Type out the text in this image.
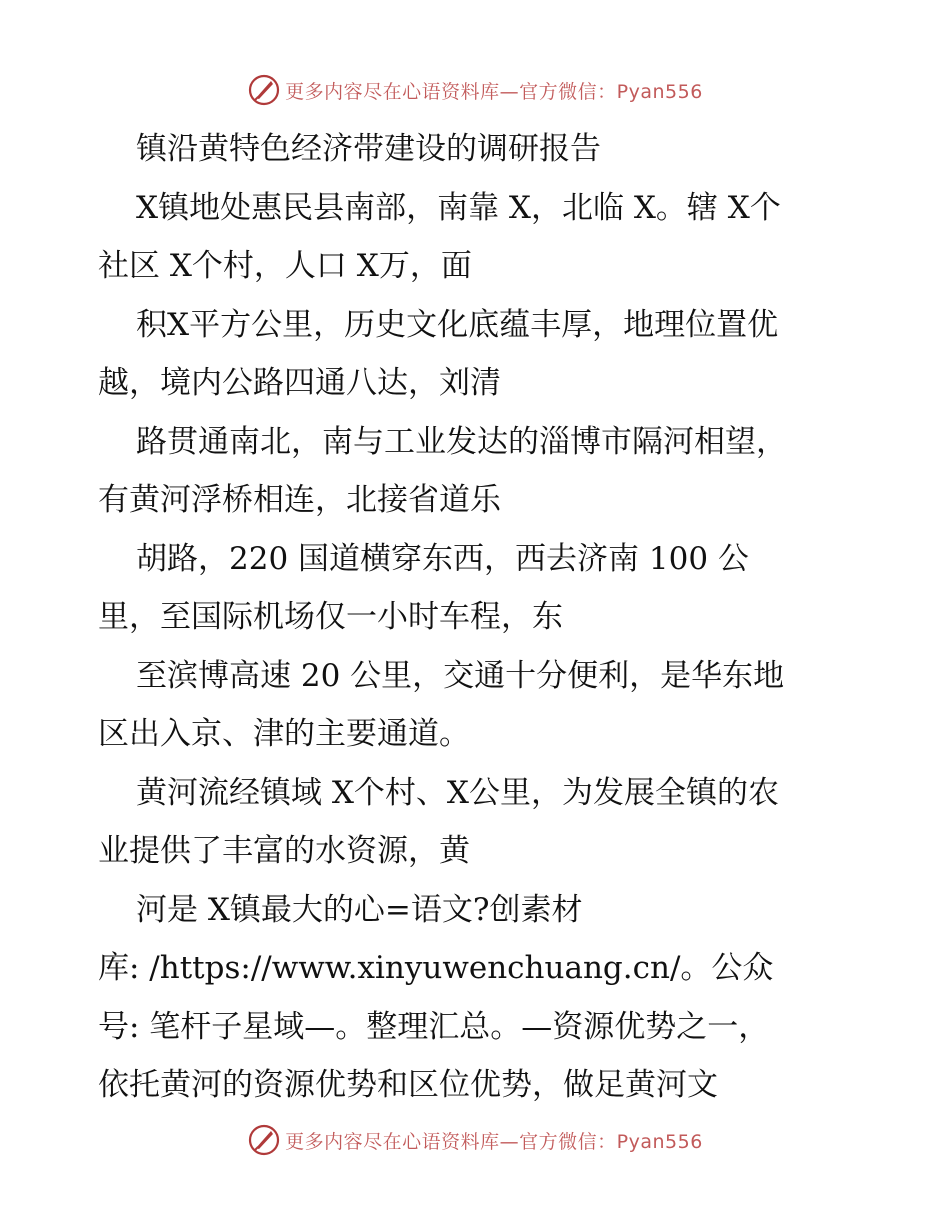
更多内容尽在心语资料库—官方微信：Pyan556
镇沿黄特色经济带建设的调研报告
X镇地处惠民县南部，南靠 X，北临 X。辖 X个
社区 X个村，人口 X万，面
积X平方公里，历史文化底蕴丰厚，地理位置优
越，境内公路四通八达，刘清
路贯通南北，南与工业发达的淄博市隔河相望，
有黄河浮桥相连，北接省道乐
胡路，220 国道横穿东西，西去济南 100 公
里，至国际机场仅一小时车程，东
至滨博高速 20 公里，交通十分便利，是华东地
区出入京、津的主要通道。
黄河流经镇域 X个村、X公里，为发展全镇的农
业提供了丰富的水资源，黄
河是 X镇最大的心=语文?创素材
库: /https://www.xinyuwenchuang.cn/。公众
号: 笔杆子星域—。整理汇总。—资源优势之一，
依托黄河的资源优势和区位优势，做足黄河文
更多内容尽在心语资料库—官方微信：Pyan556
